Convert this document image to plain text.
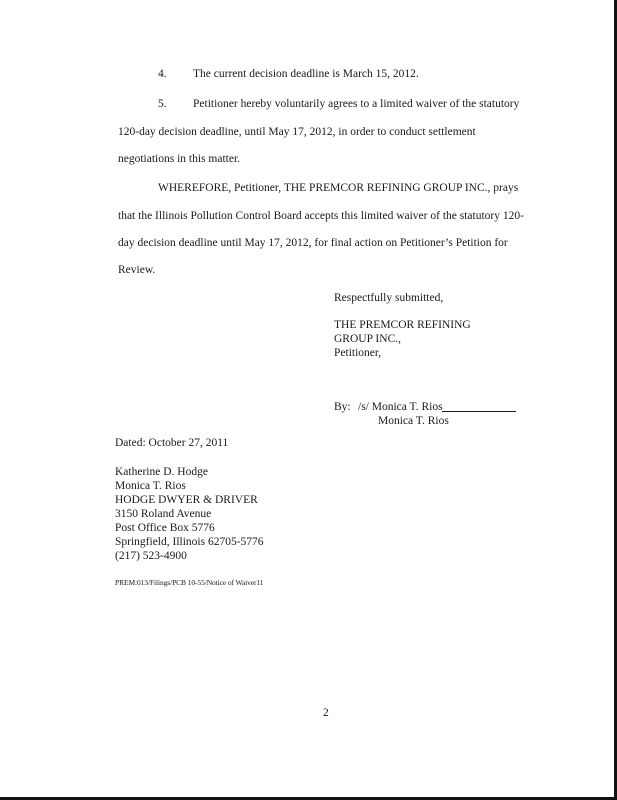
4. The current decision deadline is March 15, 2012.
5. Petitioner hereby voluntarily agrees to a limited waiver of the statutory
120-day decision deadline, until May 17, 2012, in order to conduct settlement
negotiations in this matter.
WHEREFORE, Petitioner, THE PREMCOR REFINING GROUP INC., prays
that the Illinois Pollution Control Board accepts this limited waiver of the statutory 120-
day decision deadline until May 17, 2012, for final action on Petitioner’s Petition for
Review.
Respectfully submitted,
THE PREMCOR REFINING
GROUP INC.,
Petitioner,
By: /s/ Monica T. Rios
Monica T. Rios
Dated: October 27, 2011
Katherine D. Hodge
Monica T. Rios
HODGE DWYER & DRIVER
3150 Roland Avenue
Post Office Box 5776
Springfield, Illinois 62705-5776
(217) 523-4900
PREM:013/Filings/PCB 10-55/Notice of Waiver11
2
